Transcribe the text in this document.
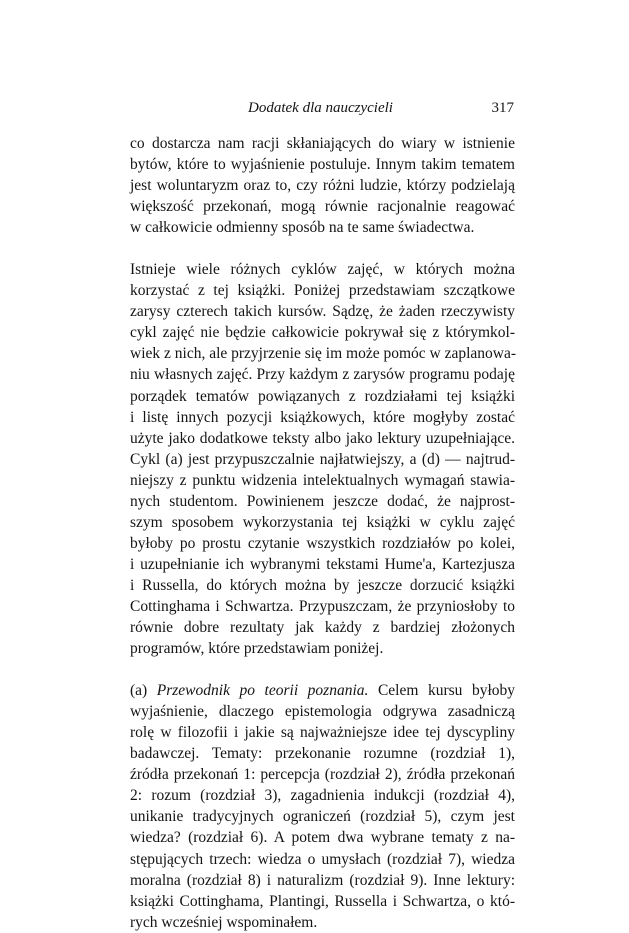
Dodatek dla nauczycieli	317

co dostarcza nam racji skłaniających do wiary w istnienie
bytów, które to wyjaśnienie postuluje. Innym takim tematem
jest woluntaryzm oraz to, czy różni ludzie, którzy podzielają
większość przekonań, mogą równie racjonalnie reagować
w całkowicie odmienny sposób na te same świadectwa.

Istnieje wiele różnych cyklów zajęć, w których można
korzystać z tej książki. Poniżej przedstawiam szczątkowe
zarysy czterech takich kursów. Sądzę, że żaden rzeczywisty
cykl zajęć nie będzie całkowicie pokrywał się z którymkol-
wiek z nich, ale przyjrzenie się im może pomóc w zaplanowa-
niu własnych zajęć. Przy każdym z zarysów programu podaję
porządek tematów powiązanych z rozdziałami tej książki
i listę innych pozycji książkowych, które mogłyby zostać
użyte jako dodatkowe teksty albo jako lektury uzupełniające.
Cykl (a) jest przypuszczalnie najłatwiejszy, a (d) — najtrud-
niejszy z punktu widzenia intelektualnych wymagań stawia-
nych studentom. Powinienem jeszcze dodać, że najprost-
szym sposobem wykorzystania tej książki w cyklu zajęć
byłoby po prostu czytanie wszystkich rozdziałów po kolei,
i uzupełnianie ich wybranymi tekstami Hume'a, Kartezjusza
i Russella, do których można by jeszcze dorzucić książki
Cottinghama i Schwartza. Przypuszczam, że przyniosłoby to
równie dobre rezultaty jak każdy z bardziej złożonych
programów, które przedstawiam poniżej.

(a) Przewodnik po teorii poznania. Celem kursu byłoby
wyjaśnienie, dlaczego epistemologia odgrywa zasadniczą
rolę w filozofii i jakie są najważniejsze idee tej dyscypliny
badawczej. Tematy: przekonanie rozumne (rozdział 1),
źródła przekonań 1: percepcja (rozdział 2), źródła przekonań
2: rozum (rozdział 3), zagadnienia indukcji (rozdział 4),
unikanie tradycyjnych ograniczeń (rozdział 5), czym jest
wiedza? (rozdział 6). A potem dwa wybrane tematy z na-
stępujących trzech: wiedza o umysłach (rozdział 7), wiedza
moralna (rozdział 8) i naturalizm (rozdział 9). Inne lektury:
książki Cottinghama, Plantingi, Russella i Schwartza, o któ-
rych wcześniej wspominałem.
